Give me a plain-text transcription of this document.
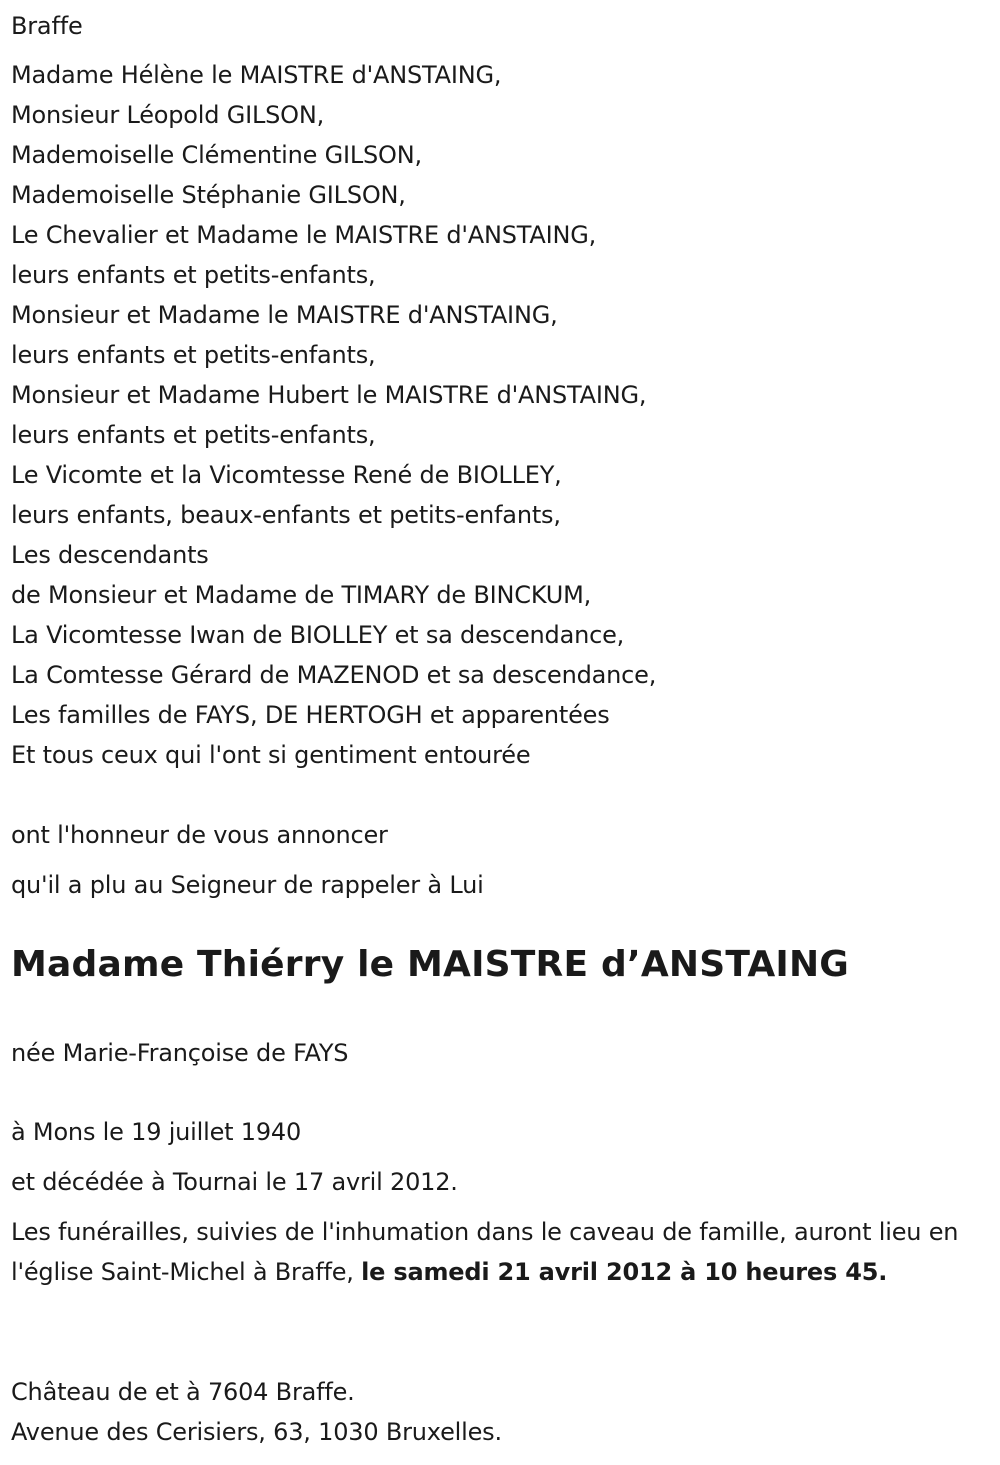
Braffe
Madame Hélène le MAISTRE d'ANSTAING,
Monsieur Léopold GILSON,
Mademoiselle Clémentine GILSON,
Mademoiselle Stéphanie GILSON,
Le Chevalier et Madame le MAISTRE d'ANSTAING,
leurs enfants et petits-enfants,
Monsieur et Madame le MAISTRE d'ANSTAING,
leurs enfants et petits-enfants,
Monsieur et Madame Hubert le MAISTRE d'ANSTAING,
leurs enfants et petits-enfants,
Le Vicomte et la Vicomtesse René de BIOLLEY,
leurs enfants, beaux-enfants et petits-enfants,
Les descendants
de Monsieur et Madame de TIMARY de BINCKUM,
La Vicomtesse Iwan de BIOLLEY et sa descendance,
La Comtesse Gérard de MAZENOD et sa descendance,
Les familles de FAYS, DE HERTOGH et apparentées
Et tous ceux qui l'ont si gentiment entourée
ont l'honneur de vous annoncer
qu'il a plu au Seigneur de rappeler à Lui
Madame Thiérry le MAISTRE d’ANSTAING
née Marie-Françoise de FAYS
à Mons le 19 juillet 1940
et décédée à Tournai le 17 avril 2012.
Les funérailles, suivies de l'inhumation dans le caveau de famille, auront lieu en l'église Saint-Michel à Braffe, le samedi 21 avril 2012 à 10 heures 45.
Château de et à 7604 Braffe.
Avenue des Cerisiers, 63, 1030 Bruxelles.
